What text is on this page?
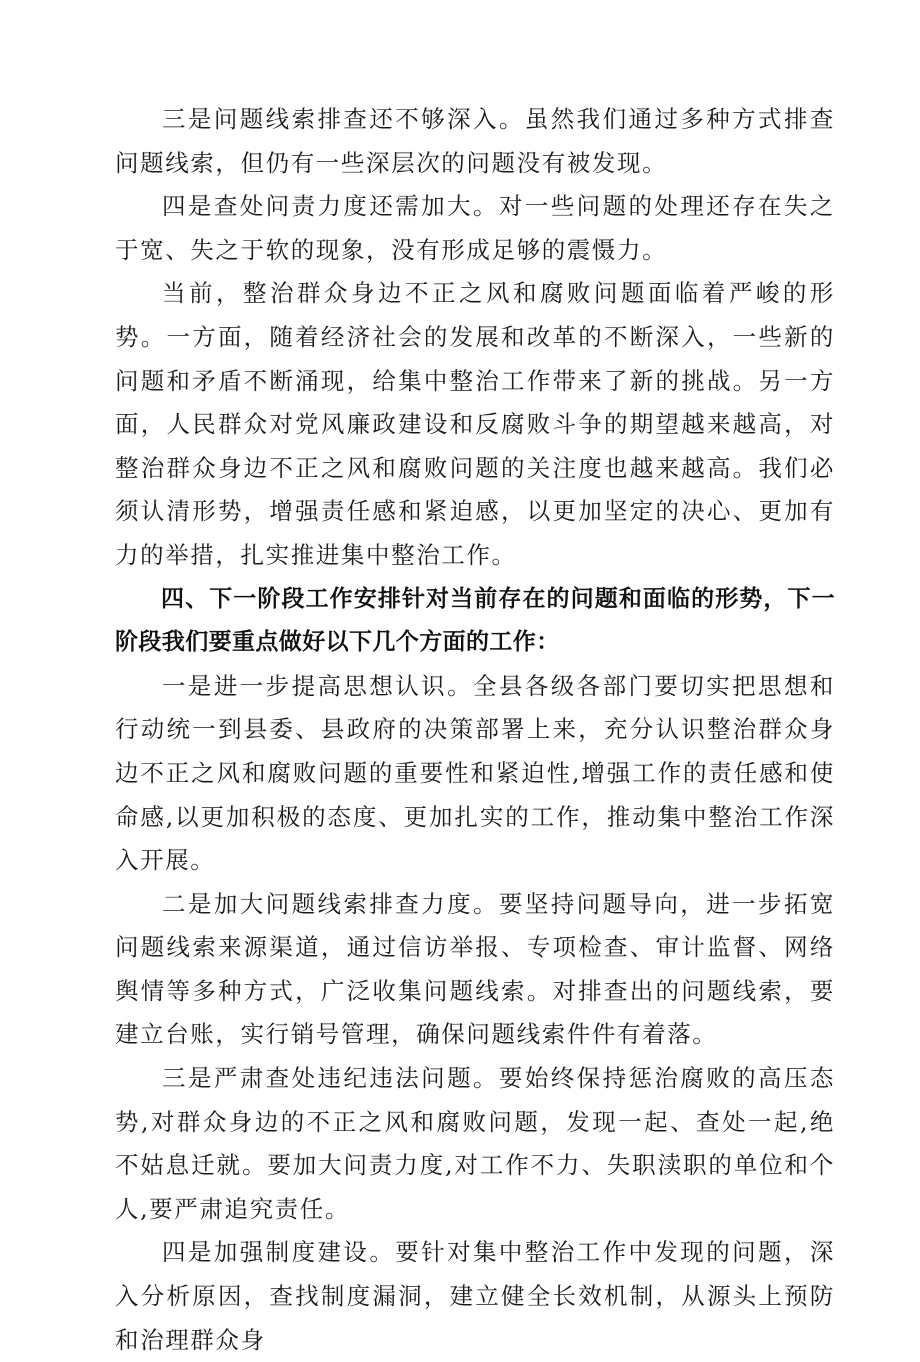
三是问题线索排查还不够深入。虽然我们通过多种方式排查问题线索，但仍有一些深层次的问题没有被发现。

四是查处问责力度还需加大。对一些问题的处理还存在失之于宽、失之于软的现象，没有形成足够的震慑力。

当前，整治群众身边不正之风和腐败问题面临着严峻的形势。一方面，随着经济社会的发展和改革的不断深入，一些新的问题和矛盾不断涌现，给集中整治工作带来了新的挑战。另一方面，人民群众对党风廉政建设和反腐败斗争的期望越来越高，对整治群众身边不正之风和腐败问题的关注度也越来越高。我们必须认清形势，增强责任感和紧迫感，以更加坚定的决心、更加有力的举措，扎实推进集中整治工作。

四、下一阶段工作安排针对当前存在的问题和面临的形势，下一阶段我们要重点做好以下几个方面的工作：

一是进一步提高思想认识。全县各级各部门要切实把思想和行动统一到县委、县政府的决策部署上来，充分认识整治群众身边不正之风和腐败问题的重要性和紧迫性,增强工作的责任感和使命感,以更加积极的态度、更加扎实的工作，推动集中整治工作深入开展。

二是加大问题线索排查力度。要坚持问题导向，进一步拓宽问题线索来源渠道，通过信访举报、专项检查、审计监督、网络舆情等多种方式，广泛收集问题线索。对排查出的问题线索，要建立台账，实行销号管理，确保问题线索件件有着落。

三是严肃查处违纪违法问题。要始终保持惩治腐败的高压态势,对群众身边的不正之风和腐败问题，发现一起、查处一起,绝不姑息迁就。要加大问责力度,对工作不力、失职渎职的单位和个人,要严肃追究责任。

四是加强制度建设。要针对集中整治工作中发现的问题，深入分析原因，查找制度漏洞，建立健全长效机制，从源头上预防和治理群众身
